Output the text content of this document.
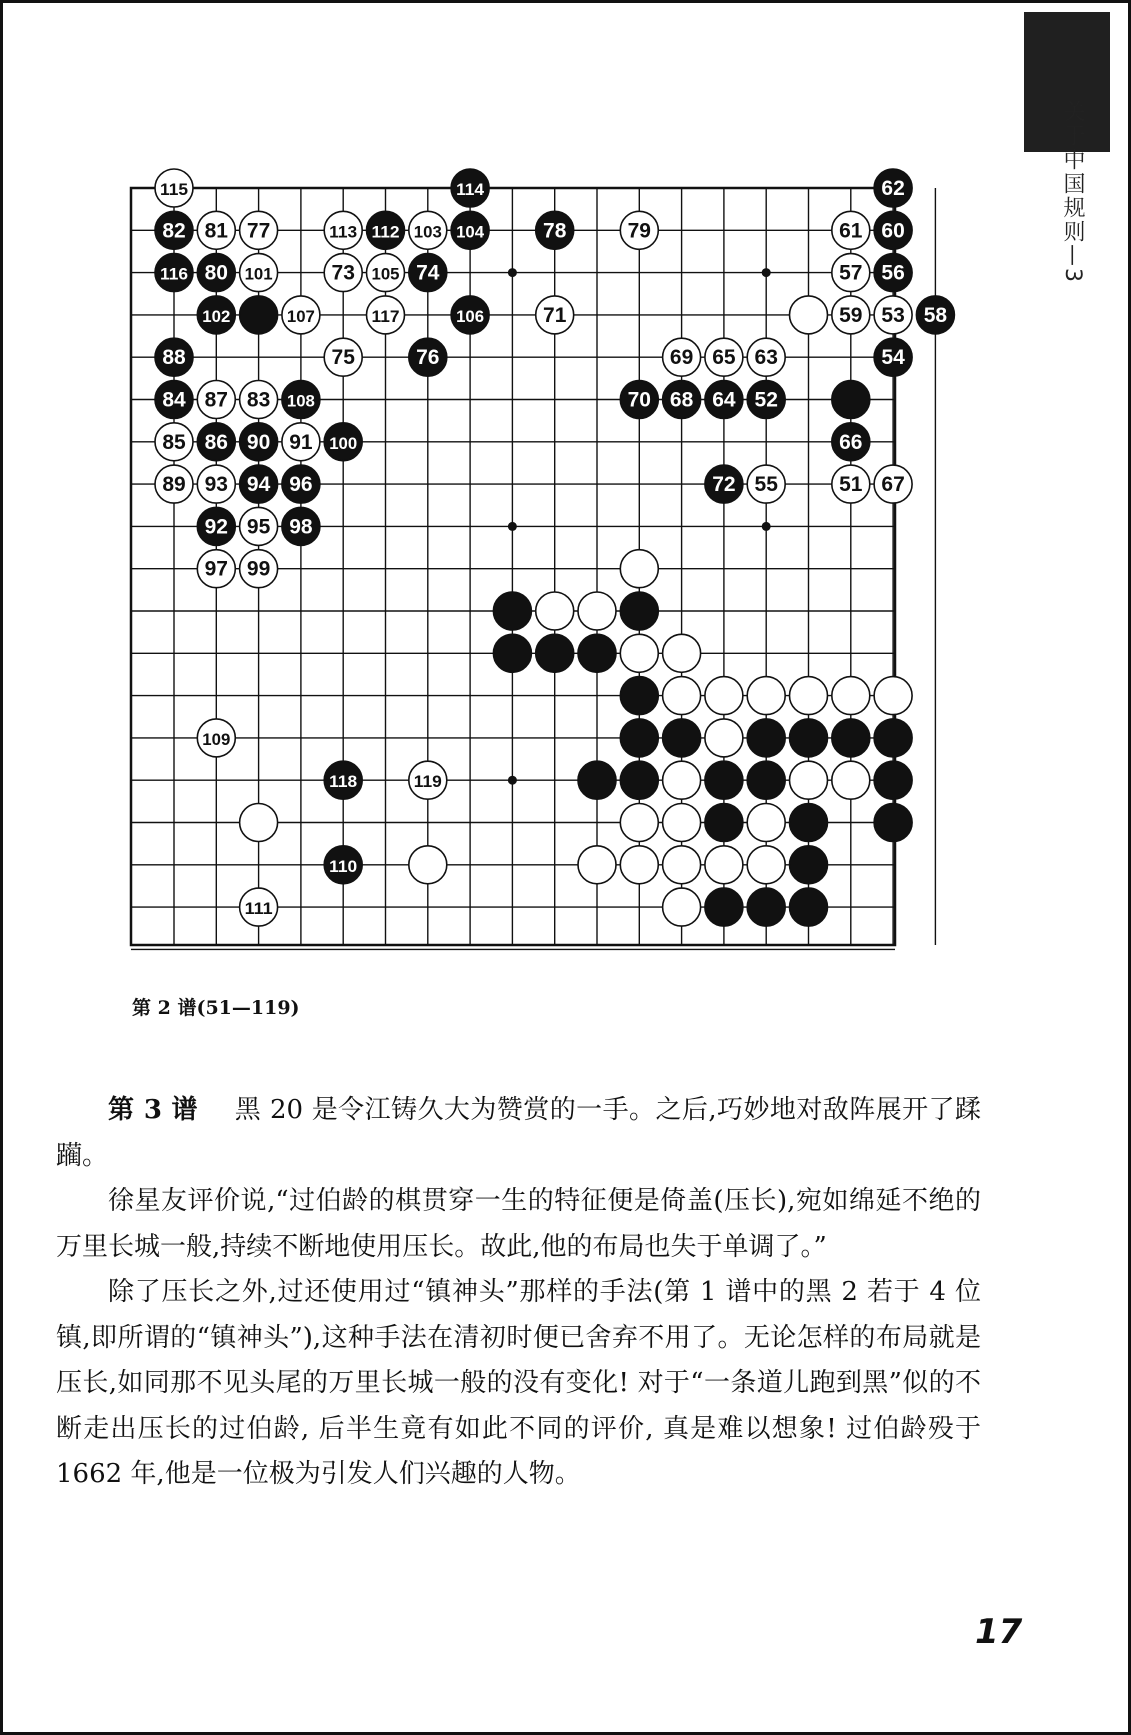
关于中国规则—3
115	114	62
82 81 77	113 112 103 104	78	79	61 60
116 80 101	73 105 74	57 56
102	107	117	106	71	59 53 58
88	75	76	69 65 63	54
84 87 83 108	70 68 64 52
85 86 90 91 100	66
89 93 94 96	72 55	51 67
92 95 98
97 99
109
118	119
110
111
第 2 谱(51—119)

第 3 谱 黑 20 是令江铸久大为赞赏的一手。之后,巧妙地对敌阵展开了蹂躏。

徐星友评价说,“过伯龄的棋贯穿一生的特征便是倚盖(压长),宛如绵延不绝的万里长城一般,持续不断地使用压长。故此,他的布局也失于单调了。”

除了压长之外,过还使用过“镇神头”那样的手法(第 1 谱中的黑 2 若于 4 位镇,即所谓的“镇神头”),这种手法在清初时便已舍弃不用了。无论怎样的布局就是压长,如同那不见头尾的万里长城一般的没有变化! 对于“一条道儿跑到黑”似的不断走出压长的过伯龄, 后半生竟有如此不同的评价, 真是难以想象! 过伯龄殁于 1662 年,他是一位极为引发人们兴趣的人物。

17
